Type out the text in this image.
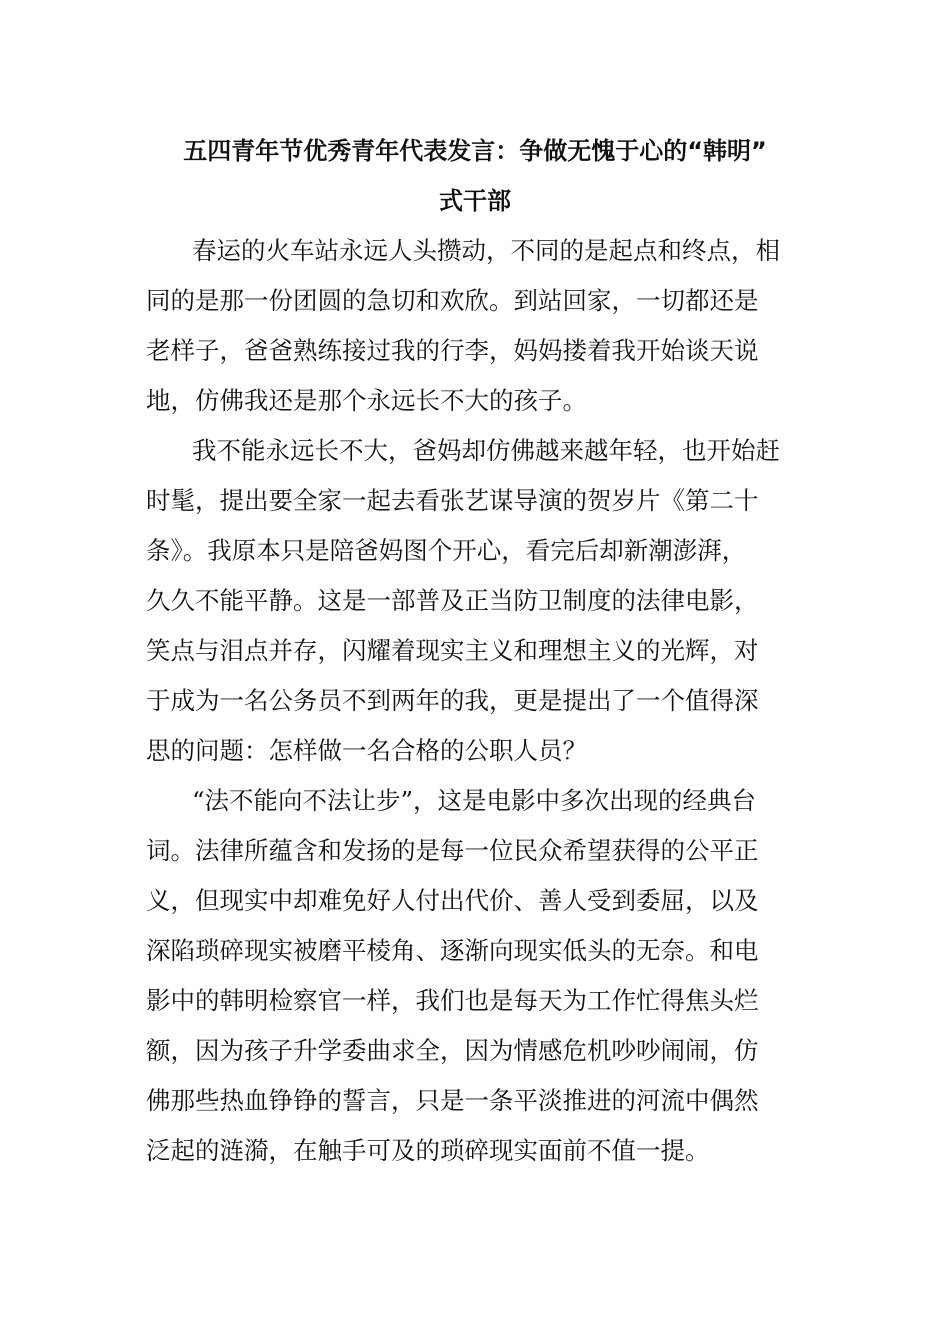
五四青年节优秀青年代表发言：争做无愧于心的“韩明”
式干部

春运的火车站永远人头攒动，不同的是起点和终点，相

同的是那一份团圆的急切和欢欣。到站回家，一切都还是

老样子，爸爸熟练接过我的行李，妈妈搂着我开始谈天说

地，仿佛我还是那个永远长不大的孩子。

我不能永远长不大，爸妈却仿佛越来越年轻，也开始赶

时髦，提出要全家一起去看张艺谋导演的贺岁片《第二十

条》。我原本只是陪爸妈图个开心，看完后却新潮澎湃，

久久不能平静。这是一部普及正当防卫制度的法律电影，

笑点与泪点并存，闪耀着现实主义和理想主义的光辉，对

于成为一名公务员不到两年的我，更是提出了一个值得深

思的问题：怎样做一名合格的公职人员？

“法不能向不法让步”，这是电影中多次出现的经典台

词。法律所蕴含和发扬的是每一位民众希望获得的公平正

义，但现实中却难免好人付出代价、善人受到委屈，以及

深陷琐碎现实被磨平棱角、逐渐向现实低头的无奈。和电

影中的韩明检察官一样，我们也是每天为工作忙得焦头烂

额，因为孩子升学委曲求全，因为情感危机吵吵闹闹，仿

佛那些热血铮铮的誓言，只是一条平淡推进的河流中偶然

泛起的涟漪，在触手可及的琐碎现实面前不值一提。
